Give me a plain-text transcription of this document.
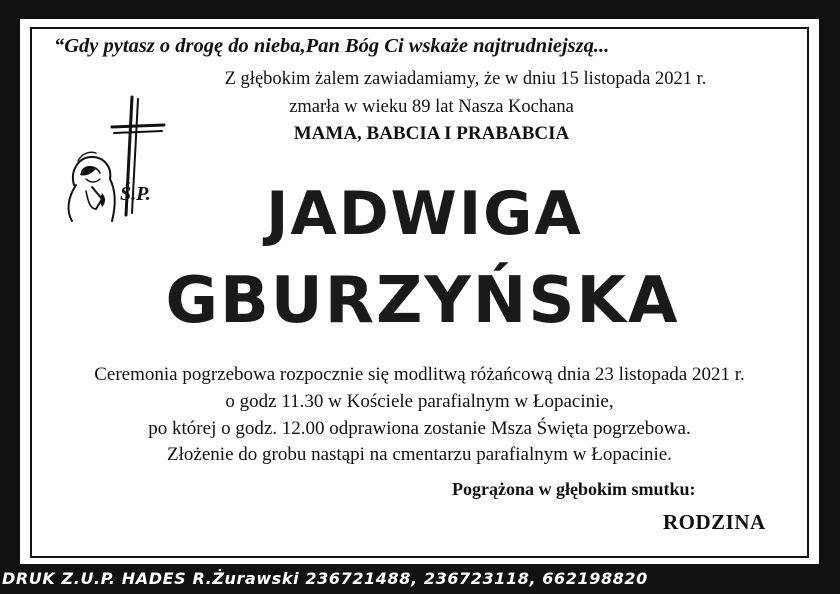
“Gdy pytasz o drogę do nieba,Pan Bóg Ci wskaże najtrudniejszą...

Z głębokim żalem zawiadamiamy, że w dniu 15 listopada 2021 r.

zmarła w wieku 89 lat Nasza Kochana

MAMA, BABCIA I PRABABCIA

Ś.P.	JADWIGA

GBURZYŃSKA

Ceremonia pogrzebowa rozpocznie się modlitwą różańcową dnia 23 listopada 2021 r.

o godz 11.30 w Kościele parafialnym w Łopacinie,

po której o godz. 12.00 odprawiona zostanie Msza Święta pogrzebowa.

Złożenie do grobu nastąpi na cmentarzu parafialnym w Łopacinie.

Pogrążona w głębokim smutku:

RODZINA

DRUK Z.U.P. HADES R.Żurawski 236721488, 236723118, 662198820
